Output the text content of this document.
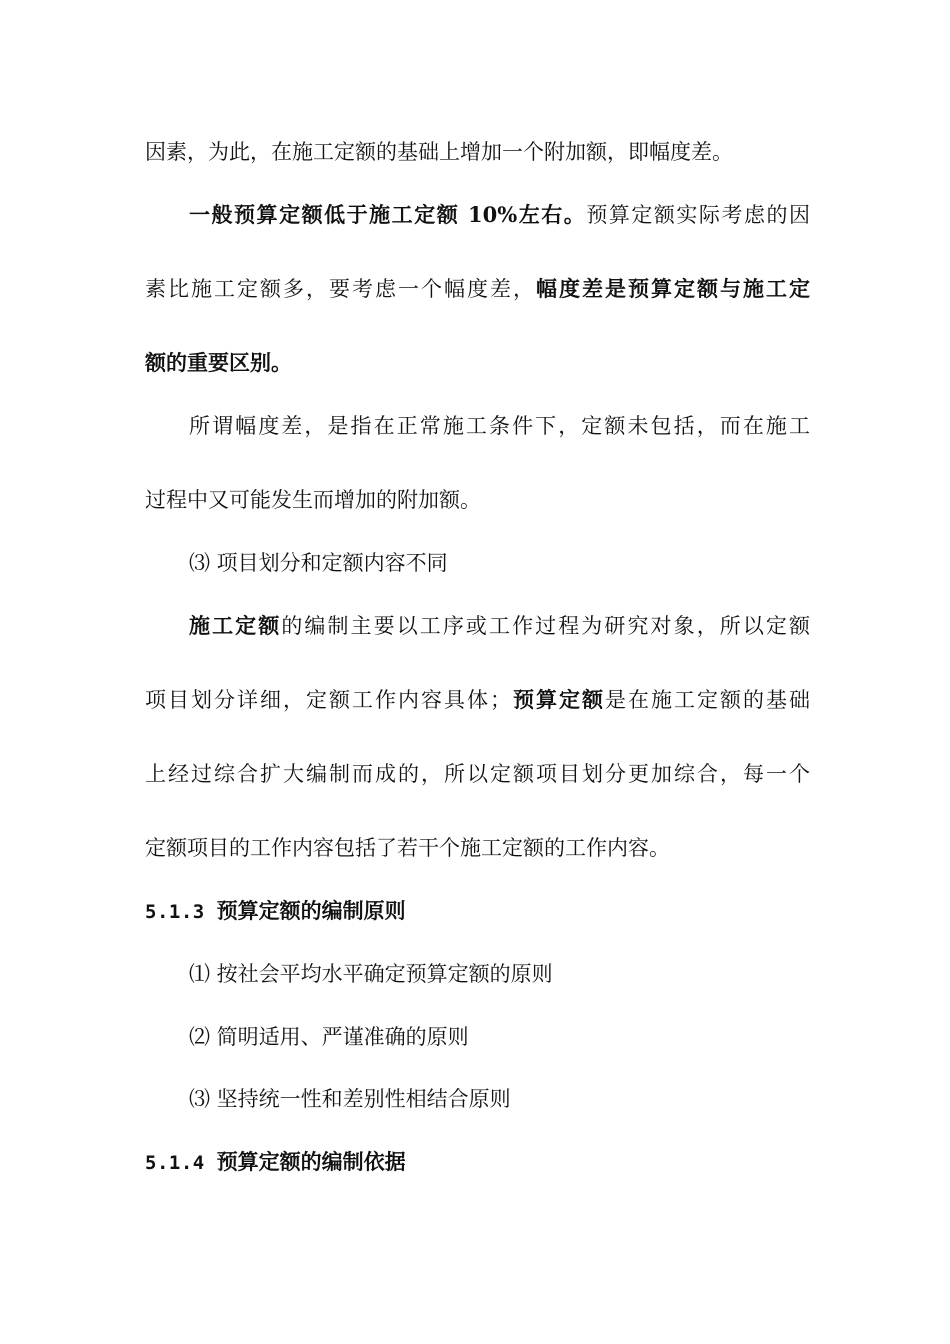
因素，为此，在施工定额的基础上增加一个附加额，即幅度差。
一般预算定额低于施工定额 10%左右。预算定额实际考虑的因
素比施工定额多，要考虑一个幅度差，幅度差是预算定额与施工定
额的重要区别。
所谓幅度差，是指在正常施工条件下，定额未包括，而在施工
过程中又可能发生而增加的附加额。
⑶ 项目划分和定额内容不同
施工定额的编制主要以工序或工作过程为研究对象，所以定额
项目划分详细，定额工作内容具体；预算定额是在施工定额的基础
上经过综合扩大编制而成的，所以定额项目划分更加综合，每一个
定额项目的工作内容包括了若干个施工定额的工作内容。
5.1.3 预算定额的编制原则
⑴ 按社会平均水平确定预算定额的原则
⑵ 简明适用、严谨准确的原则
⑶ 坚持统一性和差别性相结合原则
5.1.4 预算定额的编制依据
